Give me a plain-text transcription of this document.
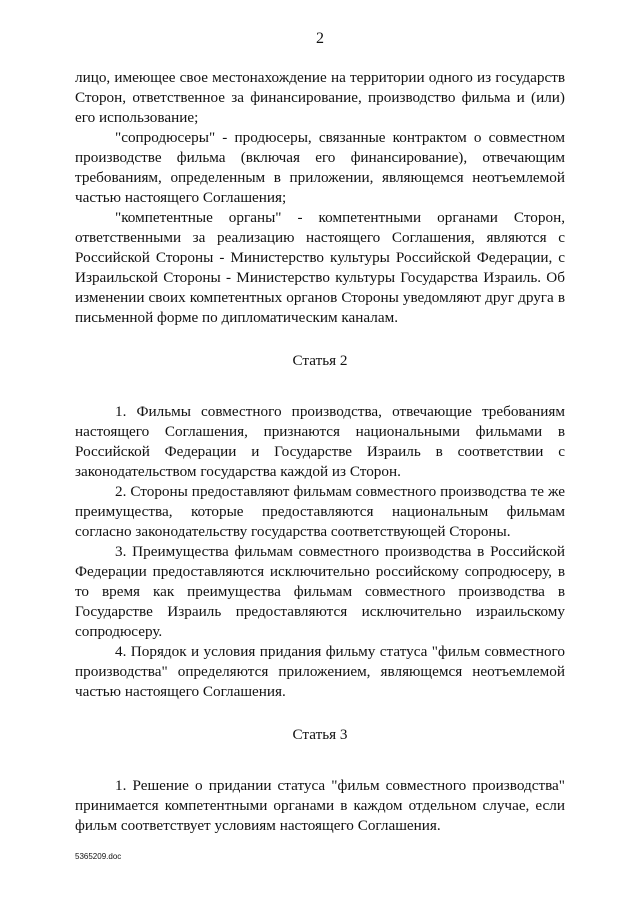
2

лицо, имеющее свое местонахождение на территории одного из государств Сторон, ответственное за финансирование, производство фильма и (или) его использование;

"сопродюсеры" - продюсеры, связанные контрактом о совместном производстве фильма (включая его финансирование), отвечающим требованиям, определенным в приложении, являющемся неотъемлемой частью настоящего Соглашения;

"компетентные органы" - компетентными органами Сторон, ответственными за реализацию настоящего Соглашения, являются с Российской Стороны - Министерство культуры Российской Федерации, с Израильской Стороны - Министерство культуры Государства Израиль. Об изменении своих компетентных органов Стороны уведомляют друг друга в письменной форме по дипломатическим каналам.

Статья 2

1. Фильмы совместного производства, отвечающие требованиям настоящего Соглашения, признаются национальными фильмами в Российской Федерации и Государстве Израиль в соответствии с законодательством государства каждой из Сторон.

2. Стороны предоставляют фильмам совместного производства те же преимущества, которые предоставляются национальным фильмам согласно законодательству государства соответствующей Стороны.

3. Преимущества фильмам совместного производства в Российской Федерации предоставляются исключительно российскому сопродюсеру, в то время как преимущества фильмам совместного производства в Государстве Израиль предоставляются исключительно израильскому сопродюсеру.

4. Порядок и условия придания фильму статуса "фильм совместного производства" определяются приложением, являющемся неотъемлемой частью настоящего Соглашения.

Статья 3

1. Решение о придании статуса "фильм совместного производства" принимается компетентными органами в каждом отдельном случае, если фильм соответствует условиям настоящего Соглашения.

5365209.doc
